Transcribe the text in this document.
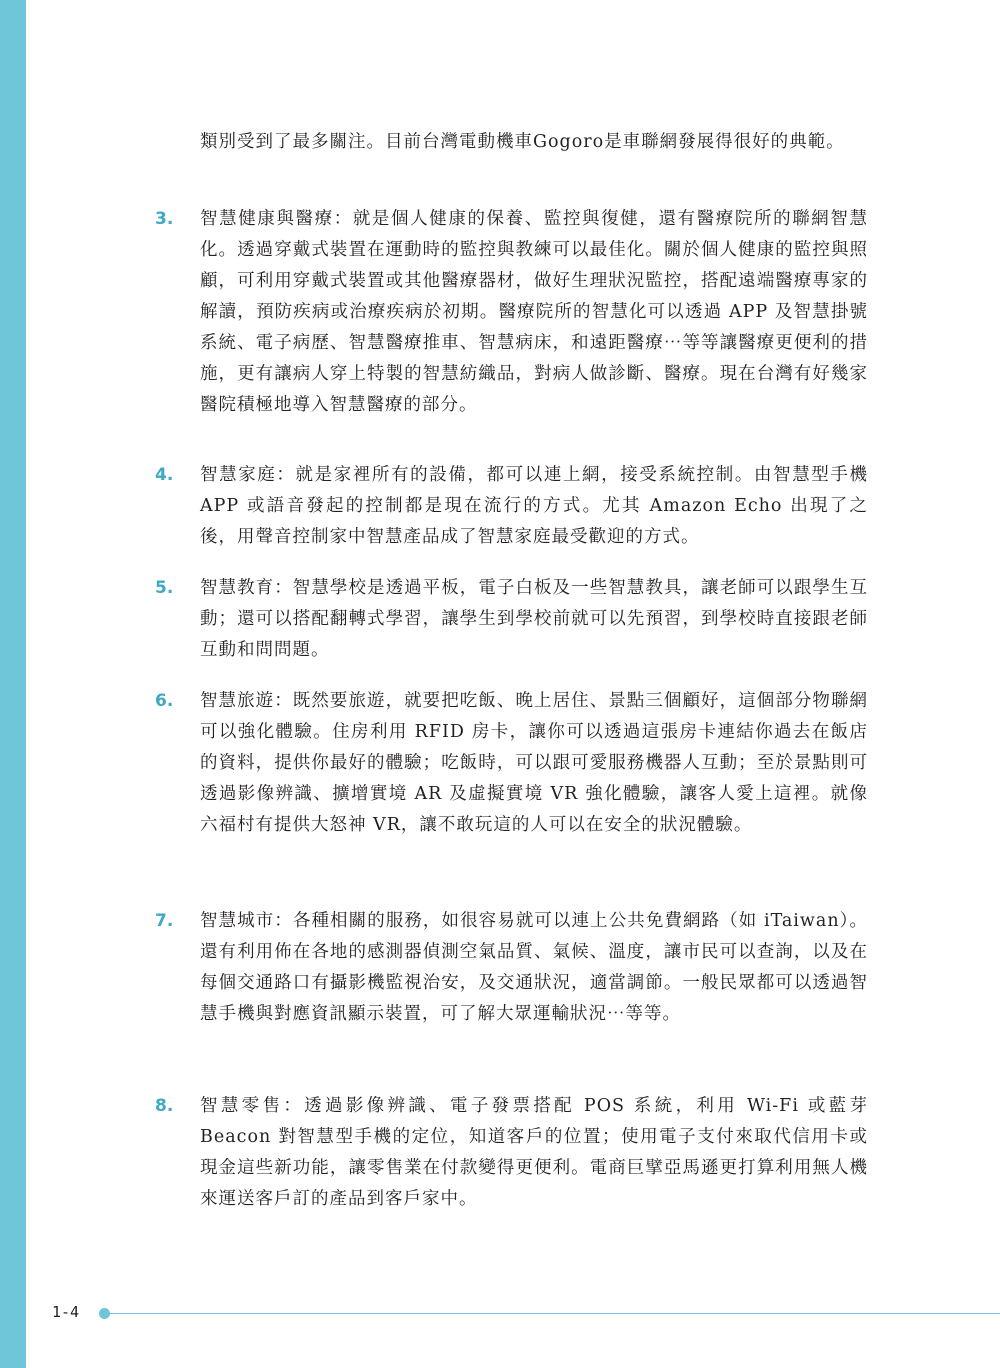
類別受到了最多關注。目前台灣電動機車Gogoro是車聯網發展得很好的典範。

3. 智慧健康與醫療：就是個人健康的保養、監控與復健，還有醫療院所的聯網智慧化。透過穿戴式裝置在運動時的監控與教練可以最佳化。關於個人健康的監控與照顧，可利用穿戴式裝置或其他醫療器材，做好生理狀況監控，搭配遠端醫療專家的解讀，預防疾病或治療疾病於初期。醫療院所的智慧化可以透過 APP 及智慧掛號系統、電子病歷、智慧醫療推車、智慧病床，和遠距醫療⋯等等讓醫療更便利的措施，更有讓病人穿上特製的智慧紡織品，對病人做診斷、醫療。現在台灣有好幾家醫院積極地導入智慧醫療的部分。

4. 智慧家庭：就是家裡所有的設備，都可以連上網，接受系統控制。由智慧型手機 APP 或語音發起的控制都是現在流行的方式。尤其 Amazon Echo 出現了之後，用聲音控制家中智慧產品成了智慧家庭最受歡迎的方式。

5. 智慧教育：智慧學校是透過平板，電子白板及一些智慧教具，讓老師可以跟學生互動；還可以搭配翻轉式學習，讓學生到學校前就可以先預習，到學校時直接跟老師互動和問問題。

6. 智慧旅遊：既然要旅遊，就要把吃飯、晚上居住、景點三個顧好，這個部分物聯網可以強化體驗。住房利用 RFID 房卡，讓你可以透過這張房卡連結你過去在飯店的資料，提供你最好的體驗；吃飯時，可以跟可愛服務機器人互動；至於景點則可透過影像辨識、擴增實境 AR 及虛擬實境 VR 強化體驗，讓客人愛上這裡。就像六福村有提供大怒神 VR，讓不敢玩這的人可以在安全的狀況體驗。

7. 智慧城市：各種相關的服務，如很容易就可以連上公共免費網路（如 iTaiwan）。還有利用佈在各地的感測器偵測空氣品質、氣候、溫度，讓市民可以查詢，以及在每個交通路口有攝影機監視治安，及交通狀況，適當調節。一般民眾都可以透過智慧手機與對應資訊顯示裝置，可了解大眾運輸狀況⋯等等。

8. 智慧零售：透過影像辨識、電子發票搭配 POS 系統，利用 Wi-Fi 或藍芽 Beacon 對智慧型手機的定位，知道客戶的位置；使用電子支付來取代信用卡或現金這些新功能，讓零售業在付款變得更便利。電商巨擘亞馬遜更打算利用無人機來運送客戶訂的產品到客戶家中。

1-4
